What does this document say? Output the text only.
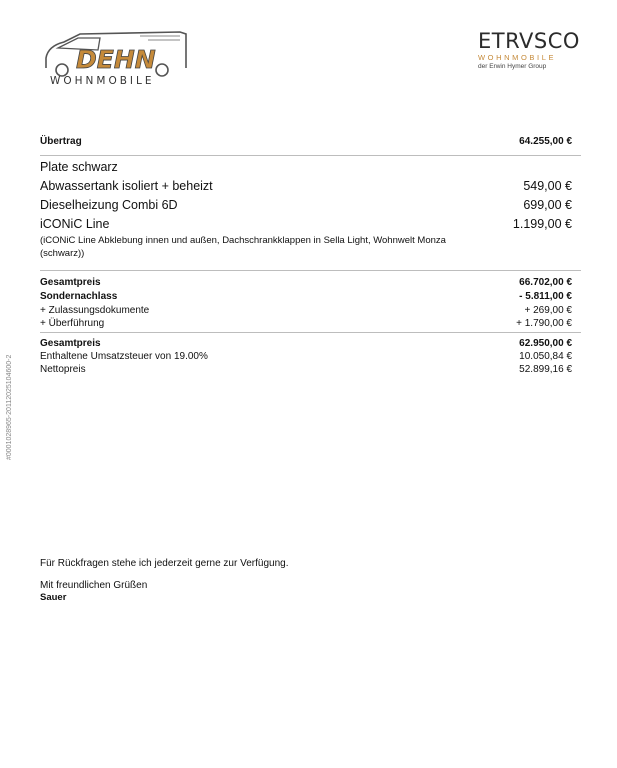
DEHN
WOHNMOBILE
ETRVSCO
WOHNMOBILE
der Erwin Hymer Group
#0001028965-20112025104600-2
Übertrag	64.255,00 €
Plate schwarz
Abwassertank isoliert + beheizt	549,00 €
Dieselheizung Combi 6D	699,00 €
iCONiC Line	1.199,00 €
(iCONiC Line Abklebung innen und außen, Dachschrankklappen in Sella Light, Wohnwelt Monza (schwarz))
Gesamtpreis	66.702,00 €
Sondernachlass	- 5.811,00 €
+ Zulassungsdokumente	+ 269,00 €
+ Überführung	+ 1.790,00 €
Gesamtpreis	62.950,00 €
Enthaltene Umsatzsteuer von 19.00%	10.050,84 €
Nettopreis	52.899,16 €
Für Rückfragen stehe ich jederzeit gerne zur Verfügung.
Mit freundlichen Grüßen
Sauer
